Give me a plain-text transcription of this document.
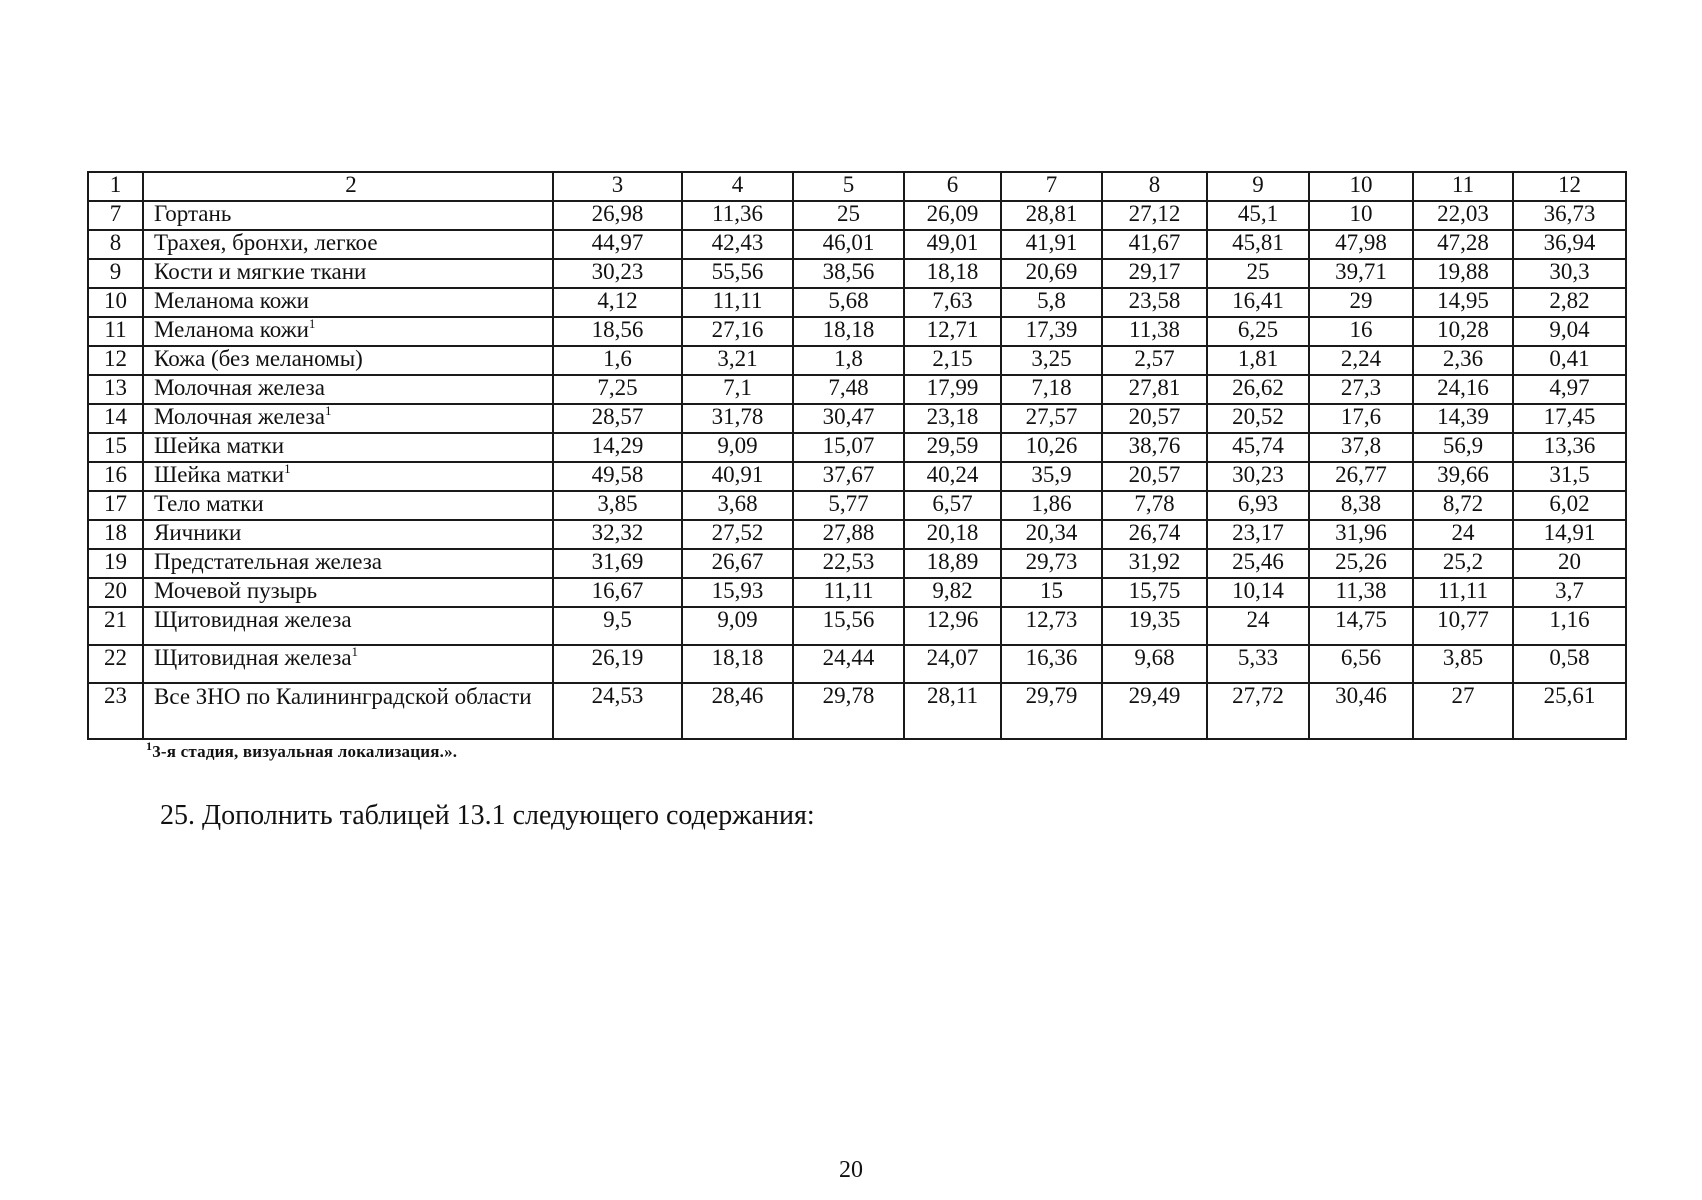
1	2	3	4	5	6	7	8	9	10	11	12
7	Гортань	26,98	11,36	25	26,09	28,81	27,12	45,1	10	22,03	36,73
8	Трахея, бронхи, легкое	44,97	42,43	46,01	49,01	41,91	41,67	45,81	47,98	47,28	36,94
9	Кости и мягкие ткани	30,23	55,56	38,56	18,18	20,69	29,17	25	39,71	19,88	30,3
10	Меланома кожи	4,12	11,11	5,68	7,63	5,8	23,58	16,41	29	14,95	2,82
11	Меланома кожи$^1$	18,56	27,16	18,18	12,71	17,39	11,38	6,25	16	10,28	9,04
12	Кожа (без меланомы)	1,6	3,21	1,8	2,15	3,25	2,57	1,81	2,24	2,36	0,41
13	Молочная железа	7,25	7,1	7,48	17,99	7,18	27,81	26,62	27,3	24,16	4,97
14	Молочная железа$^1$	28,57	31,78	30,47	23,18	27,57	20,57	20,52	17,6	14,39	17,45
15	Шейка матки	14,29	9,09	15,07	29,59	10,26	38,76	45,74	37,8	56,9	13,36
16	Шейка матки$^1$	49,58	40,91	37,67	40,24	35,9	20,57	30,23	26,77	39,66	31,5
17	Тело матки	3,85	3,68	5,77	6,57	1,86	7,78	6,93	8,38	8,72	6,02
18	Яичники	32,32	27,52	27,88	20,18	20,34	26,74	23,17	31,96	24	14,91
19	Предстательная железа	31,69	26,67	22,53	18,89	29,73	31,92	25,46	25,26	25,2	20
20	Мочевой пузырь	16,67	15,93	11,11	9,82	15	15,75	10,14	11,38	11,11	3,7
21	Щитовидная железа	9,5	9,09	15,56	12,96	12,73	19,35	24	14,75	10,77	1,16
22	Щитовидная железа$^1$	26,19	18,18	24,44	24,07	16,36	9,68	5,33	6,56	3,85	0,58
23	Все ЗНО по Калининградской области	24,53	28,46	29,78	28,11	29,79	29,49	27,72	30,46	27	25,61
$^1$3-я стадия, визуальная локализация.».
25. Дополнить таблицей 13.1 следующего содержания:
20
